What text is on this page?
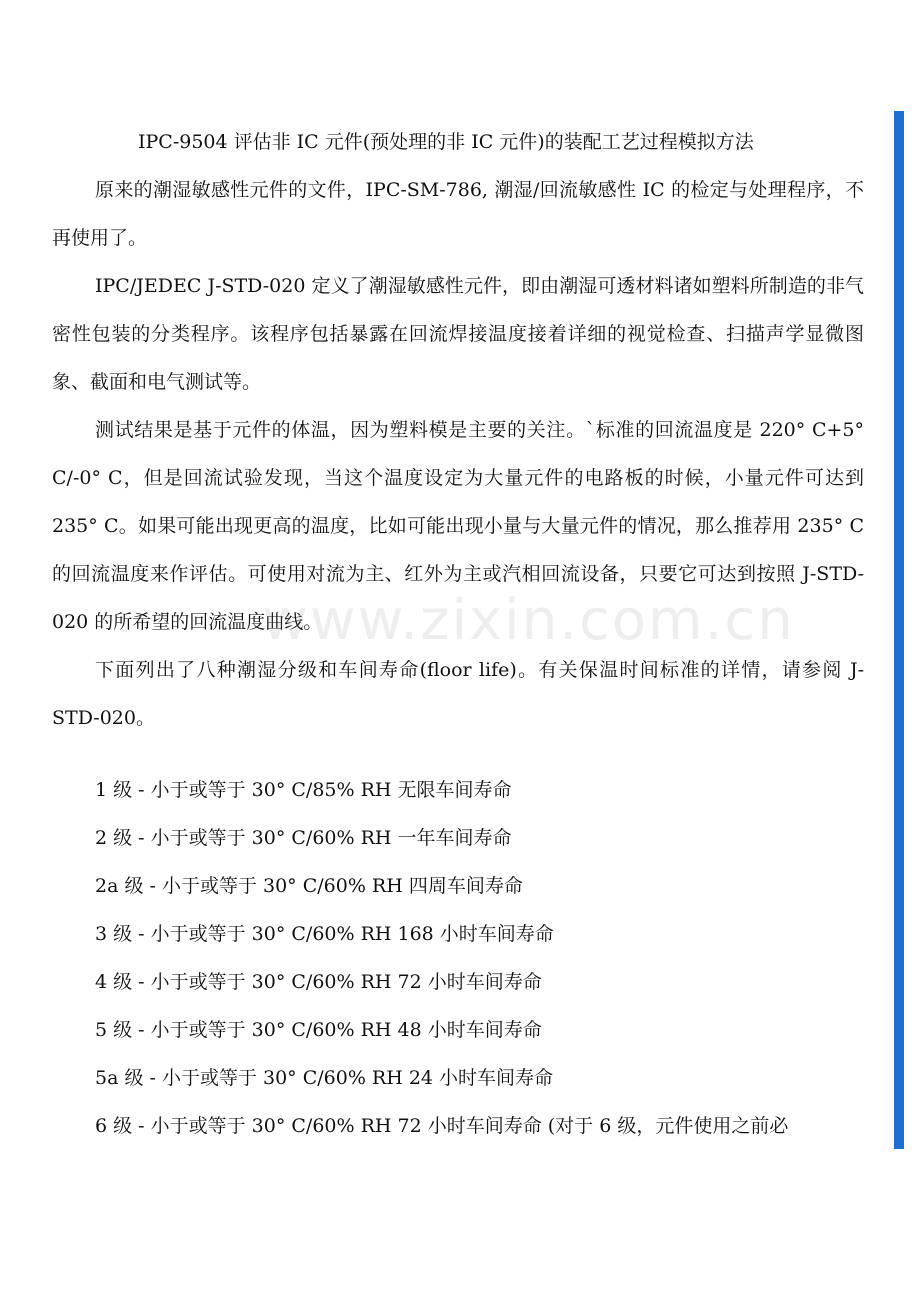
IPC-9504 评估非 IC 元件(预处理的非 IC 元件)的装配工艺过程模拟方法

原来的潮湿敏感性元件的文件，IPC-SM-786, 潮湿/回流敏感性 IC 的检定与处理程序，不再使用了。

IPC/JEDEC J-STD-020 定义了潮湿敏感性元件，即由潮湿可透材料诸如塑料所制造的非气密性包装的分类程序。该程序包括暴露在回流焊接温度接着详细的视觉检查、扫描声学显微图象、截面和电气测试等。

测试结果是基于元件的体温，因为塑料模是主要的关注。`标准的回流温度是 220° C+5° C/-0° C，但是回流试验发现，当这个温度设定为大量元件的电路板的时候，小量元件可达到 235° C。如果可能出现更高的温度，比如可能出现小量与大量元件的情况，那么推荐用 235° C 的回流温度来作评估。可使用对流为主、红外为主或汽相回流设备，只要它可达到按照 J-STD-020 的所希望的回流温度曲线。

下面列出了八种潮湿分级和车间寿命(floor life)。有关保温时间标准的详情，请参阅 J-STD-020。

1 级 - 小于或等于 30° C/85% RH 无限车间寿命
2 级 - 小于或等于 30° C/60% RH 一年车间寿命
2a 级 - 小于或等于 30° C/60% RH 四周车间寿命
3 级 - 小于或等于 30° C/60% RH 168 小时车间寿命
4 级 - 小于或等于 30° C/60% RH 72 小时车间寿命
5 级 - 小于或等于 30° C/60% RH 48 小时车间寿命
5a 级 - 小于或等于 30° C/60% RH 24 小时车间寿命
6 级 - 小于或等于 30° C/60% RH 72 小时车间寿命 (对于 6 级，元件使用之前必
www.zixin.com.cn
